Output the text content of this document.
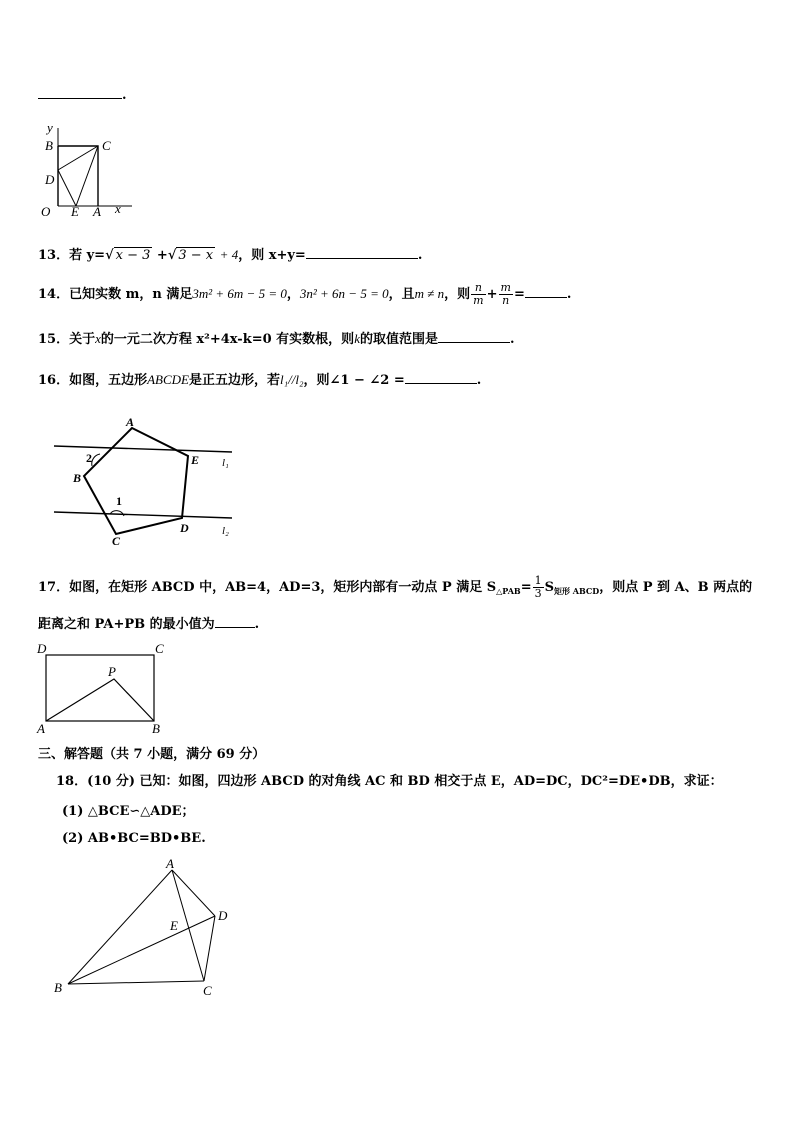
.
y
B	C
D
O E A x
13．若 y=√ x − 3 +√ 3 − x + 4，则 x+y=	.
14．已知实数 m，n 满足3m² + 6m − 5 = 0，3n² + 6n − 5 = 0，且m ≠ n，则 $\frac{n}{m} + \frac{m}{n}$ =	.
15．关于x的一元二次方程 x²+4x-k=0 有实数根，则k的取值范围是	.
16．如图，五边形ABCDE是正五边形，若l₁//l₂，则∠1 − ∠2 =	.
A
E l₁
2
B
1
C
D	l₂
17．如图，在矩形 ABCD 中，AB=4，AD=3，矩形内部有一动点 P 满足 $S_{\triangle PAB}= \frac{1}{3} S_{矩形 ABCD}$，则点 P 到 A、B 两点的
距离之和 PA+PB 的最小值为	.
D	C
P
A	B
三、解答题（共 7 小题，满分 69 分）
18．(10 分) 已知：如图，四边形 ABCD 的对角线 AC 和 BD 相交于点 E，AD=DC，DC²=DE•DB，求证：
(1) △BCE∽△ADE；
(2) AB•BC=BD•BE.
A
D
E
B	C
